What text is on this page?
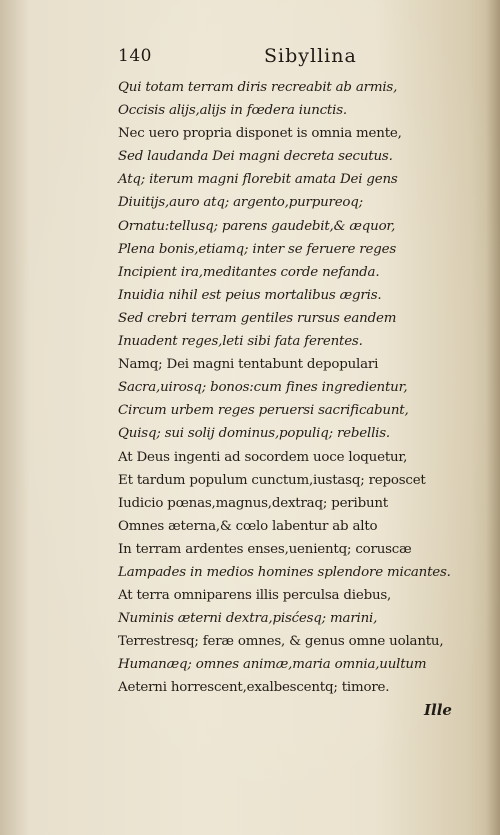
140	Sibyllina
Qui totam terram diris recreabit ab armis,
Occisis alijs,alijs in fœdera iunctis.
Nec uero propria disponet is omnia mente,
Sed laudanda Dei magni decreta secutus.
Atq; iterum magni florebit amata Dei gens
Diuitijs,auro atq; argento,purpureoq;
Ornatu:tellusq; parens gaudebit,& æquor,
Plena bonis,etiamq; inter se feruere reges
Incipient ira,meditantes corde nefanda.
Inuidia nihil est peius mortalibus ægris.
Sed crebri terram gentiles rursus eandem
Inuadent reges,leti sibi fata ferentes.
Namq; Dei magni tentabunt depopulari
Sacra,uirosq; bonos:cum fines ingredientur,
Circum urbem reges peruersi sacrificabunt,
Quisq; sui solij dominus,populiq; rebellis.
At Deus ingenti ad socordem uoce loquetur,
Et tardum populum cunctum,iustasq; reposcet
Iudicio pœnas,magnus,dextraq; peribunt
Omnes æterna,& cœlo labentur ab alto
In terram ardentes enses,uenientq; coruscæ
Lampades in medios homines splendore micantes.
At terra omniparens illis perculsa diebus,
Numinis æterni dextra,pisćesq; marini,
Terrestresq; feræ omnes, & genus omne uolantu,
Humanæq; omnes animæ,maria omnia,uultum
Aeterni horrescent,exalbescentq; timore.
Ille
